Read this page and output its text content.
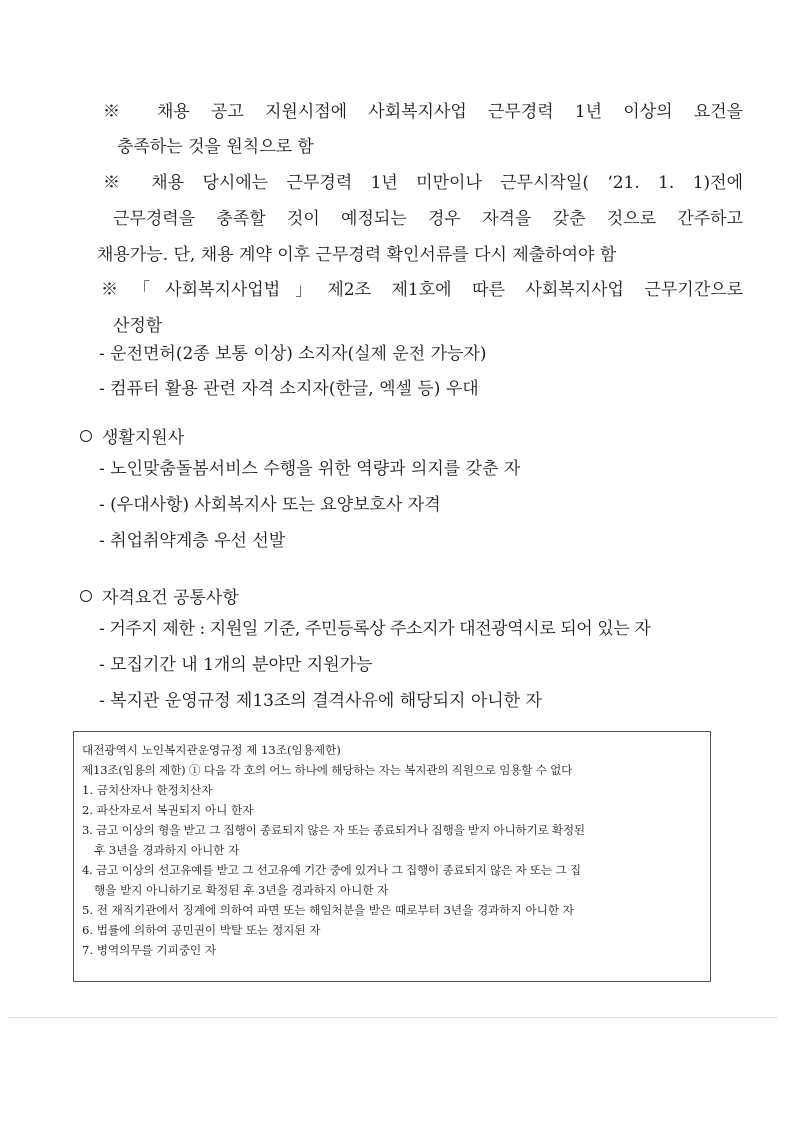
※ 채용 공고 지원시점에 사회복지사업 근무경력 1년 이상의 요건을
충족하는 것을 원칙으로 함
※ 채용 당시에는 근무경력 1년 미만이나 근무시작일( ‘21. 1. 1)전에
근무경력을 충족할 것이 예정되는 경우 자격을 갖춘 것으로 간주하고
채용가능. 단, 채용 계약 이후 근무경력 확인서류를 다시 제출하여야 함
※「사회복지사업법」제2조 제1호에 따른 사회복지사업 근무기간으로
산정함
- 운전면허(2종 보통 이상) 소지자(실제 운전 가능자)
- 컴퓨터 활용 관련 자격 소지자(한글, 엑셀 등) 우대
생활지원사
- 노인맞춤돌봄서비스 수행을 위한 역량과 의지를 갖춘 자
- (우대사항) 사회복지사 또는 요양보호사 자격
- 취업취약계층 우선 선발
자격요건 공통사항
- 거주지 제한 : 지원일 기준, 주민등록상 주소지가 대전광역시로 되어 있는 자
- 모집기간 내 1개의 분야만 지원가능
- 복지관 운영규정 제13조의 결격사유에 해당되지 아니한 자
대전광역시 노인복지관운영규정 제 13조(임용제한)
제13조(임용의 제한) ① 다음 각 호의 어느 하나에 해당하는 자는 복지관의 직원으로 임용할 수 없다
1. 금치산자나 한정치산자
2. 파산자로서 복권되지 아니 한자
3. 금고 이상의 형을 받고 그 집행이 종료되지 않은 자 또는 종료되거나 집행을 받지 아니하기로 확정된
후 3년을 경과하지 아니한 자
4. 금고 이상의 선고유예를 받고 그 선고유예 기간 중에 있거나 그 집행이 종료되지 않은 자 또는 그 집
행을 받지 아니하기로 확정된 후 3년을 경과하지 아니한 자
5. 전 재직기관에서 징계에 의하여 파면 또는 해임처분을 받은 때로부터 3년을 경과하지 아니한 자
6. 법률에 의하여 공민권이 박탈 또는 정지된 자
7. 병역의무를 기피중인 자
